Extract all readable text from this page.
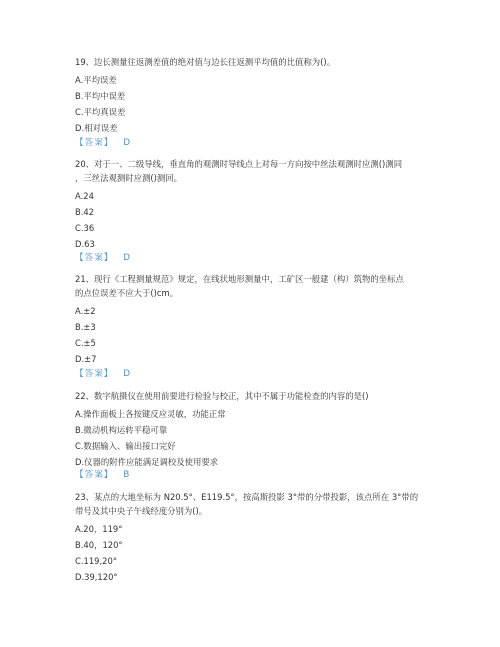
19、边长测量往返测差值的绝对值与边长往返测平均值的比值称为()。
A.平均误差
B.平均中误差
C.平均真误差
D.相对误差
【答案】 D
20、对于一、二级导线，垂直角的观测时导线点上对每一方向按中丝法观测时应测()测同
，三丝法观测时应测()测回。
A.24
B.42
C.36
D.63
【答案】 D
21、现行《工程测量规范》规定，在线状地形测量中，工矿区一般建（构）筑物的坐标点
的点位误差不应大于()cm。
A.±2
B.±3
C.±5
D.±7
【答案】 D
22、数字航摄仪在使用前要进行检验与校正，其中不属于功能检查的内容的是()
A.操作面板上各按键反应灵敏，功能正常
B.微动机构运转平稳可靠
C.数据输入、输出接口完好
D.仪器的附件应能满足调校及使用要求
【答案】 B
23、某点的大地坐标为 N20.5°、E119.5°，按高斯投影 3°带的分带投影，该点所在 3°带的
带号及其中央子午线经度分别为()。
A.20，119°
B.40，120°
C.119,20°
D.39,120°
